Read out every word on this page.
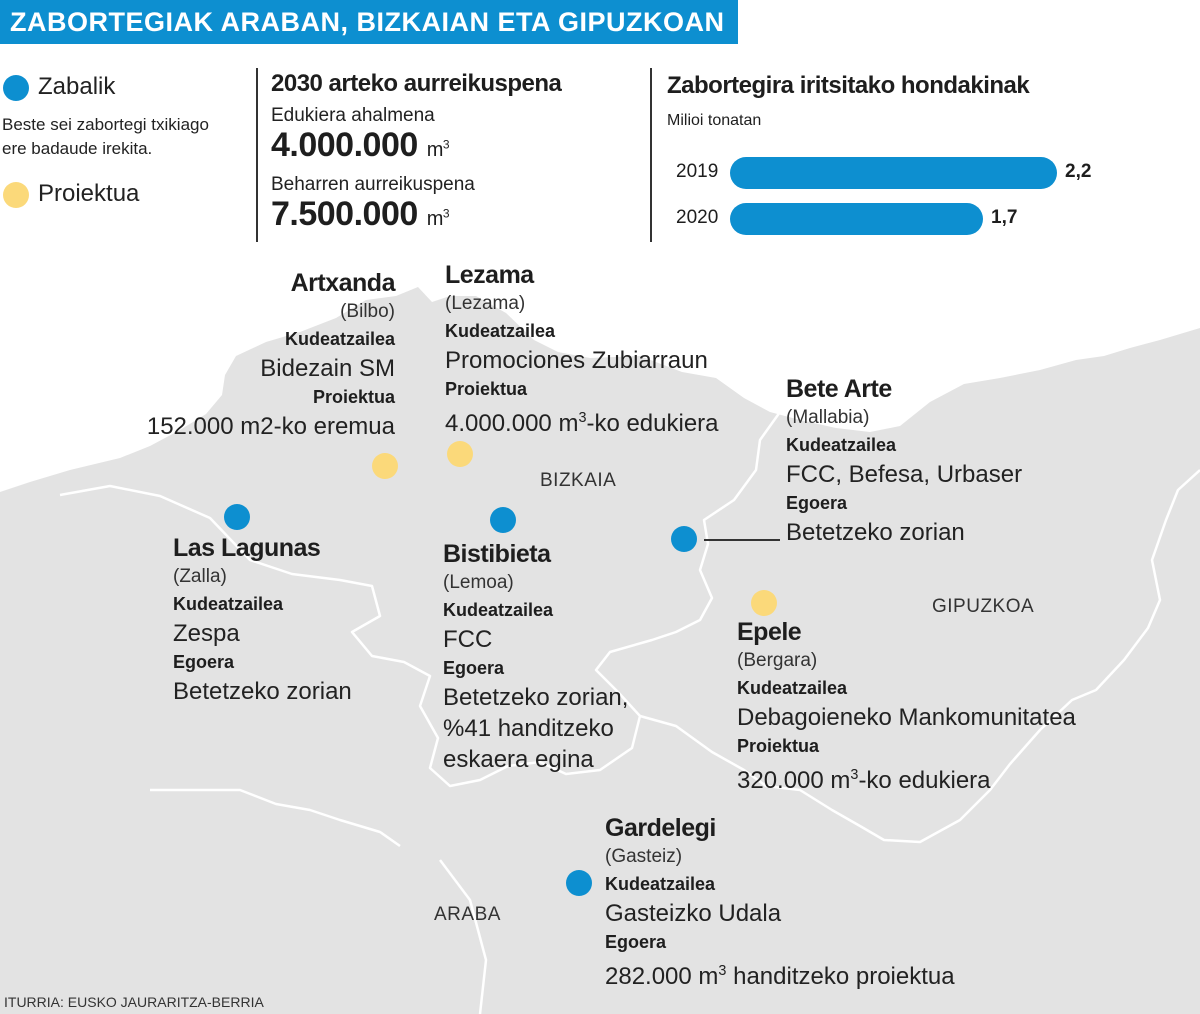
ZABORTEGIAK ARABAN, BIZKAIAN ETA GIPUZKOAN
Zabalik
Beste sei zabortegi txikiago
ere badaude irekita.
Proiektua
2030 arteko aurreikuspena
Edukiera ahalmena
4.000.000 $m^3$
Beharren aurreikuspena
7.500.000 $m^3$
Zabortegira iritsitako hondakinak
Milioi tonatan
2019	2,2
2020	1,7
BIZKAIA
GIPUZKOA
ARABA
Artxanda
(Bilbo)
Kudeatzailea
Bidezain SM
Proiektua
152.000 m2-ko eremua
Lezama
(Lezama)
Kudeatzailea
Promociones Zubiarraun
Proiektua
4.000.000 $m^3-ko$ edukiera
Bete Arte
(Mallabia)
Kudeatzailea
FCC, Befesa, Urbaser
Egoera
Betetzeko zorian
Las Lagunas
(Zalla)
Kudeatzailea
Zespa
Egoera
Betetzeko zorian
Bistibieta
(Lemoa)
Kudeatzailea
FCC
Egoera
Betetzeko zorian,
%41 handitzeko
eskaera egina
Epele
(Bergara)
Kudeatzailea
Debagoieneko Mankomunitatea
Proiektua
320.000 $m^3-ko$ edukiera
Gardelegi
(Gasteiz)
Kudeatzailea
Gasteizko Udala
Egoera
282.000 $m^3$ handitzeko proiektua
ITURRIA: EUSKO JAURARITZA-BERRIA
